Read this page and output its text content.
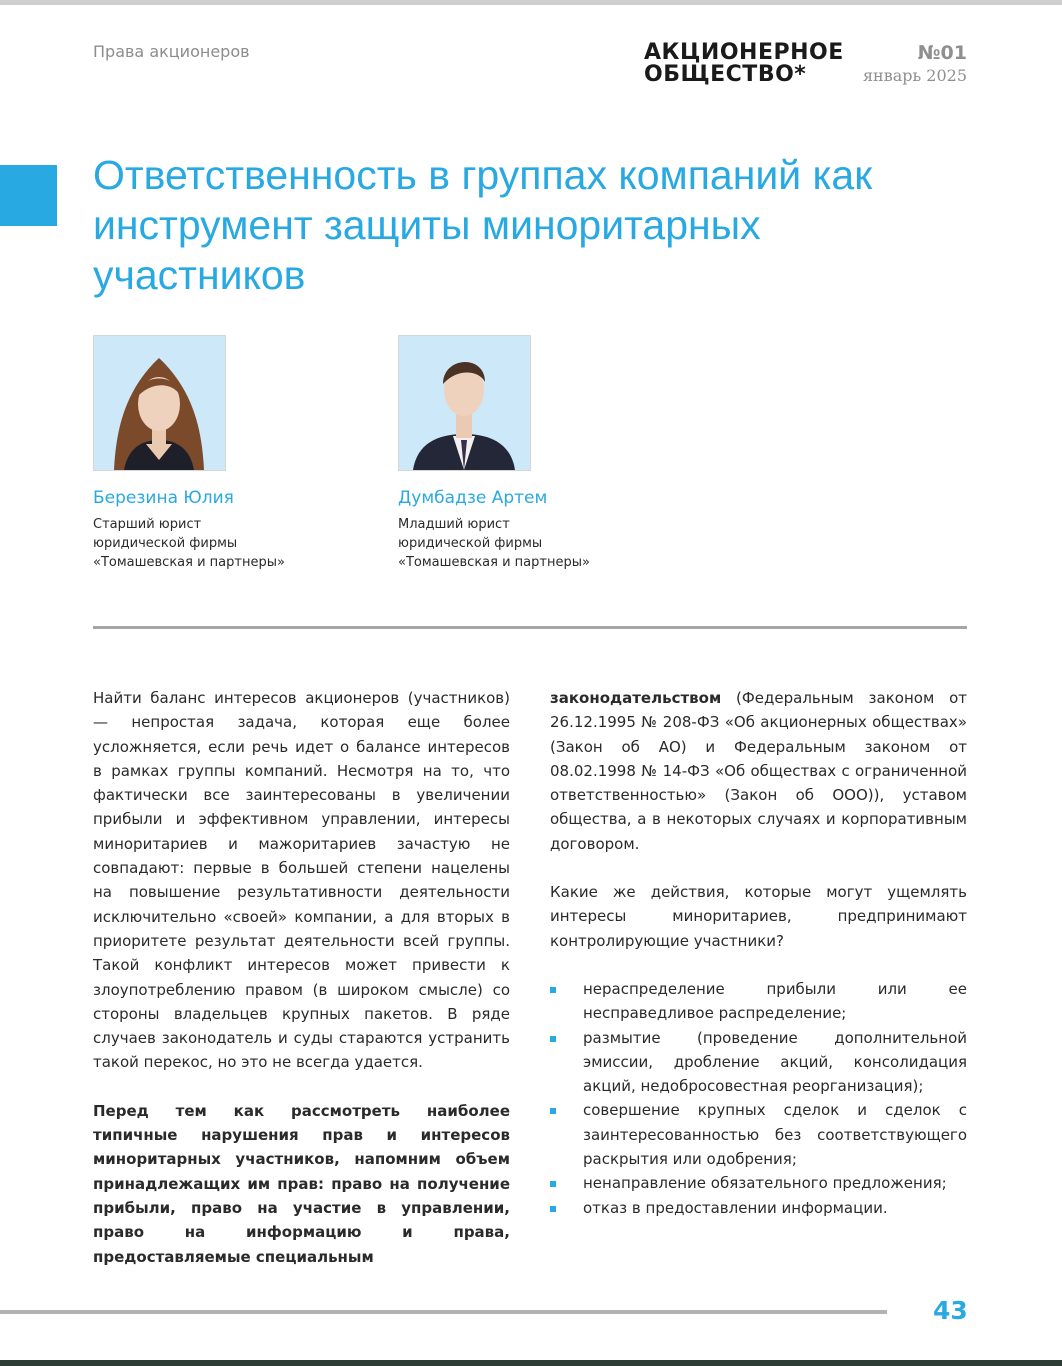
Права акционеров	АКЦИОНЕРНОЕ
ОБЩЕСТВО*
№01
январь 2025
Ответственность в группах компаний как инструмент защиты миноритарных участников
Березина Юлия
Старший юрист
юридической фирмы
«Томашевская и партнеры»
Думбадзе Артем
Младший юрист
юридической фирмы
«Томашевская и партнеры»

Найти баланс интересов акционеров (участников) — непростая задача, которая еще более усложняется, если речь идет о балансе интересов в рамках группы компаний. Несмотря на то, что фактически все заинтересованы в увеличении прибыли и эффективном управлении, интересы миноритариев и мажоритариев зачастую не совпадают: первые в большей степени нацелены на повышение результативности деятельности исключительно «своей» компании, а для вторых в приоритете результат деятельности всей группы. Такой конфликт интересов может привести к злоупотреблению правом (в широком смысле) со стороны владельцев крупных пакетов. В ряде случаев законодатель и суды стараются устранить такой перекос, но это не всегда удается.

Перед тем как рассмотреть наиболее типичные нарушения прав и интересов миноритарных участников, напомним объем принадлежащих им прав: право на получение прибыли, право на участие в управлении, право на информацию и права, предоставляемые специальным

законодательством (Федеральным законом от 26.12.1995 № 208-ФЗ «Об акционерных обществах» (Закон об АО) и Федеральным законом от 08.02.1998 № 14-ФЗ «Об обществах с ограниченной ответственностью» (Закон об ООО)), уставом общества, а в некоторых случаях и корпоративным договором.

Какие же действия, которые могут ущемлять интересы миноритариев, предпринимают контролирующие участники?

нераспределение прибыли или ее несправедливое распределение;
размытие (проведение дополнительной эмиссии, дробление акций, консолидация акций, недобросовестная реорганизация);
совершение крупных сделок и сделок с заинтересованностью без соответствующего раскрытия или одобрения;
ненаправление обязательного предложения;
отказ в предоставлении информации.
43
